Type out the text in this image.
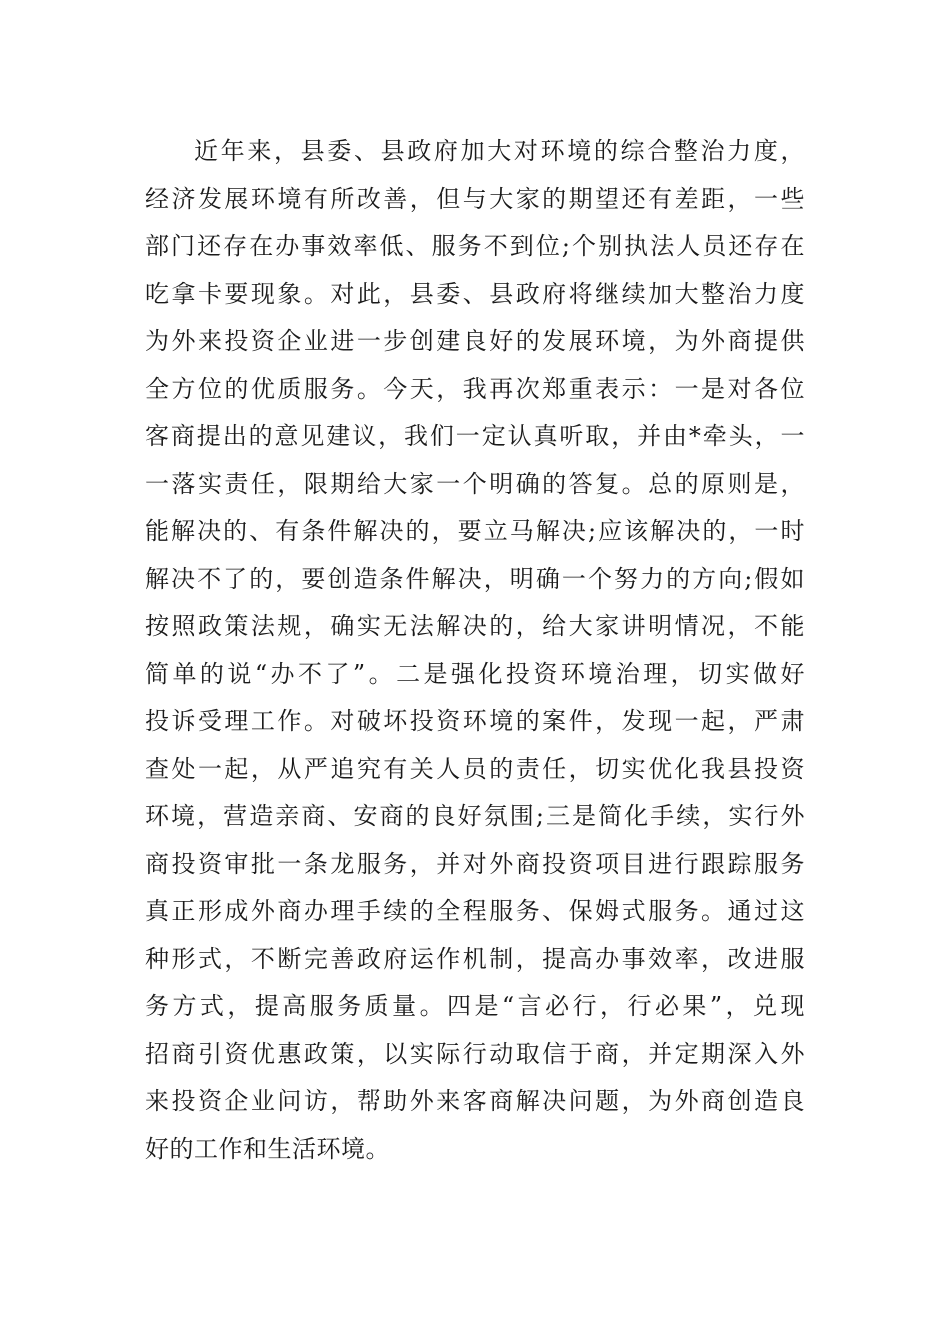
近年来，县委、县政府加大对环境的综合整治力度，
经济发展环境有所改善，但与大家的期望还有差距，一些
部门还存在办事效率低、服务不到位;个别执法人员还存在
吃拿卡要现象。对此，县委、县政府将继续加大整治力度
为外来投资企业进一步创建良好的发展环境，为外商提供
全方位的优质服务。今天，我再次郑重表示：一是对各位
客商提出的意见建议，我们一定认真听取，并由*牵头，一
一落实责任，限期给大家一个明确的答复。总的原则是，
能解决的、有条件解决的，要立马解决;应该解决的，一时
解决不了的，要创造条件解决，明确一个努力的方向;假如
按照政策法规，确实无法解决的，给大家讲明情况，不能
简单的说“办不了”。二是强化投资环境治理，切实做好
投诉受理工作。对破坏投资环境的案件，发现一起，严肃
查处一起，从严追究有关人员的责任，切实优化我县投资
环境，营造亲商、安商的良好氛围;三是简化手续，实行外
商投资审批一条龙服务，并对外商投资项目进行跟踪服务
真正形成外商办理手续的全程服务、保姆式服务。通过这
种形式，不断完善政府运作机制，提高办事效率，改进服
务方式，提高服务质量。四是“言必行，行必果”，兑现
招商引资优惠政策，以实际行动取信于商，并定期深入外
来投资企业问访，帮助外来客商解决问题，为外商创造良
好的工作和生活环境。
